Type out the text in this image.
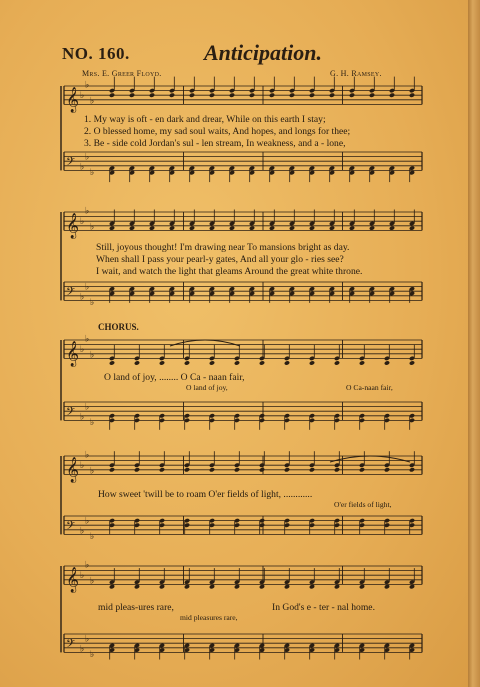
NO. 160.	Anticipation.
Mrs. E. Greer Floyd.	G. H. Ramsey.
CHORUS.
𝄞 ♭
♭
♭
𝄢 ♭
♭
♭
𝄞 ♭
♭
♭
𝄢 ♭
♭
♭
𝄞 ♭
♭
♭
𝄢 ♭
♭
♭
𝄞 ♭
♭
♭
𝄢 ♭
♭
♭
𝄞 ♭
♭
♭
𝄢 ♭
♭
♭
1. My way is oft - en dark and drear, While on this earth I stay;
2. O blessed home, my sad soul waits, And hopes, and longs for thee;
3. Be - side cold Jordan's sul - len stream, In weakness, and a - lone,
Still, joyous thought! I'm drawing near To mansions bright as day.
When shall I pass your pearl-y gates, And all your glo - ries see?
I wait, and watch the light that gleams Around the great white throne.
O land of joy, ........ O Ca - naan fair,
O land of joy,	O Ca-naan fair,
How sweet 'twill be to roam O'er fields of light, ............
O'er fields of light,
mid pleas-ures rare,	In God's e - ter - nal home.
mid pleasures rare,
